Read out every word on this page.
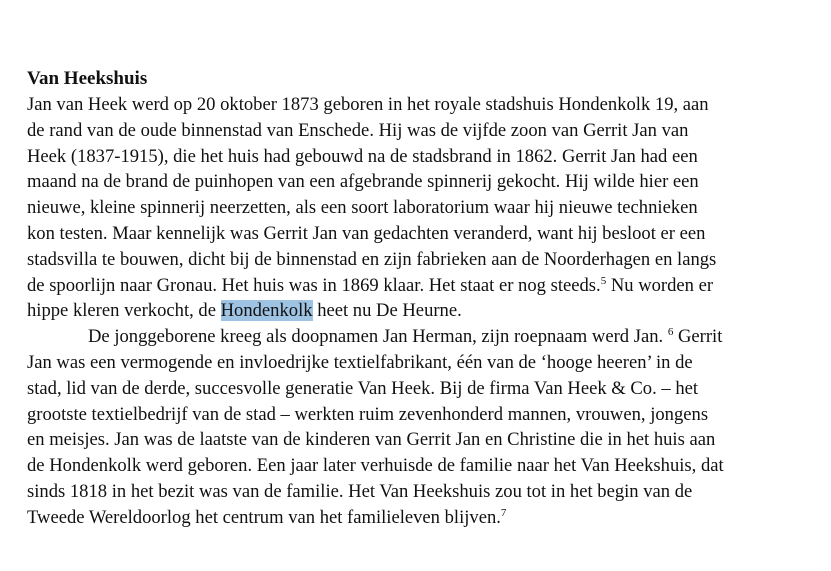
Van Heekshuis

Jan van Heek werd op 20 oktober 1873 geboren in het royale stadshuis Hondenkolk 19, aan
de rand van de oude binnenstad van Enschede. Hij was de vijfde zoon van Gerrit Jan van
Heek (1837-1915), die het huis had gebouwd na de stadsbrand in 1862. Gerrit Jan had een
maand na de brand de puinhopen van een afgebrande spinnerij gekocht. Hij wilde hier een
nieuwe, kleine spinnerij neerzetten, als een soort laboratorium waar hij nieuwe technieken
kon testen. Maar kennelijk was Gerrit Jan van gedachten veranderd, want hij besloot er een
stadsvilla te bouwen, dicht bij de binnenstad en zijn fabrieken aan de Noorderhagen en langs
de spoorlijn naar Gronau. Het huis was in 1869 klaar. Het staat er nog steeds.$^5$ Nu worden er
hippe kleren verkocht, de Hondenkolk heet nu De Heurne.

De jonggeborene kreeg als doopnamen Jan Herman, zijn roepnaam werd Jan. $^6$ Gerrit
Jan was een vermogende en invloedrijke textielfabrikant, één van de ‘hooge heeren’ in de
stad, lid van de derde, succesvolle generatie Van Heek. Bij de firma Van Heek & Co. – het
grootste textielbedrijf van de stad – werkten ruim zevenhonderd mannen, vrouwen, jongens
en meisjes. Jan was de laatste van de kinderen van Gerrit Jan en Christine die in het huis aan
de Hondenkolk werd geboren. Een jaar later verhuisde de familie naar het Van Heekshuis, dat
sinds 1818 in het bezit was van de familie. Het Van Heekshuis zou tot in het begin van de
Tweede Wereldoorlog het centrum van het familieleven blijven.$^7$
